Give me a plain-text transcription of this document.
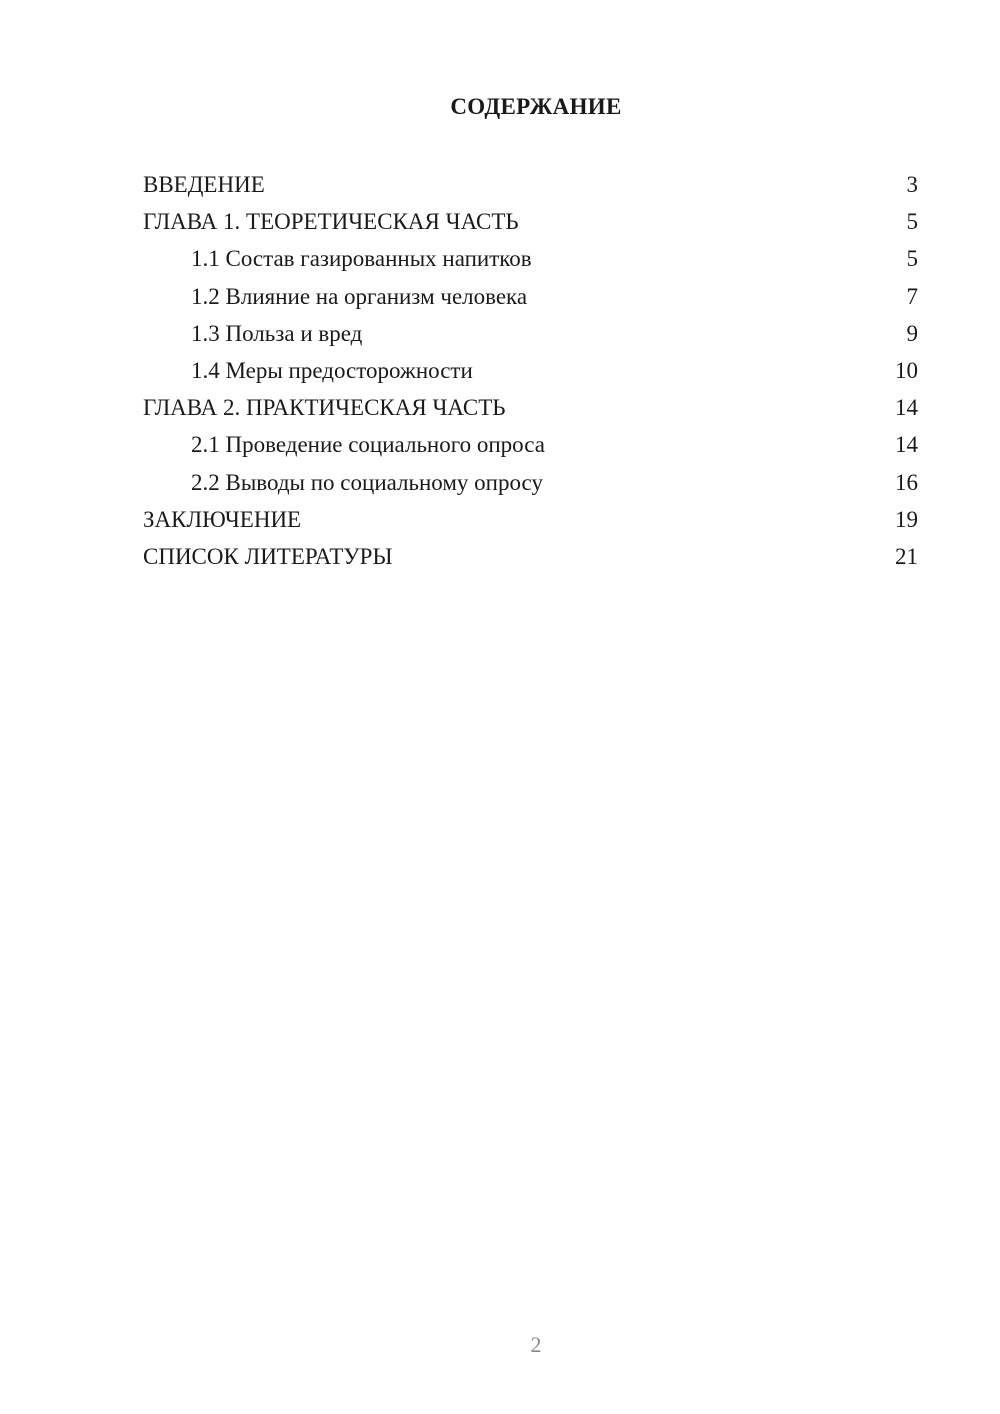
СОДЕРЖАНИЕ
ВВЕДЕНИЕ	3
ГЛАВА 1. ТЕОРЕТИЧЕСКАЯ ЧАСТЬ	5
1.1 Состав газированных напитков	5
1.2 Влияние на организм человека	7
1.3 Польза и вред	9
1.4 Меры предосторожности	10
ГЛАВА 2. ПРАКТИЧЕСКАЯ ЧАСТЬ	14
2.1 Проведение социального опроса	14
2.2 Выводы по социальному опросу	16
ЗАКЛЮЧЕНИЕ	19
СПИСОК ЛИТЕРАТУРЫ	21
2
